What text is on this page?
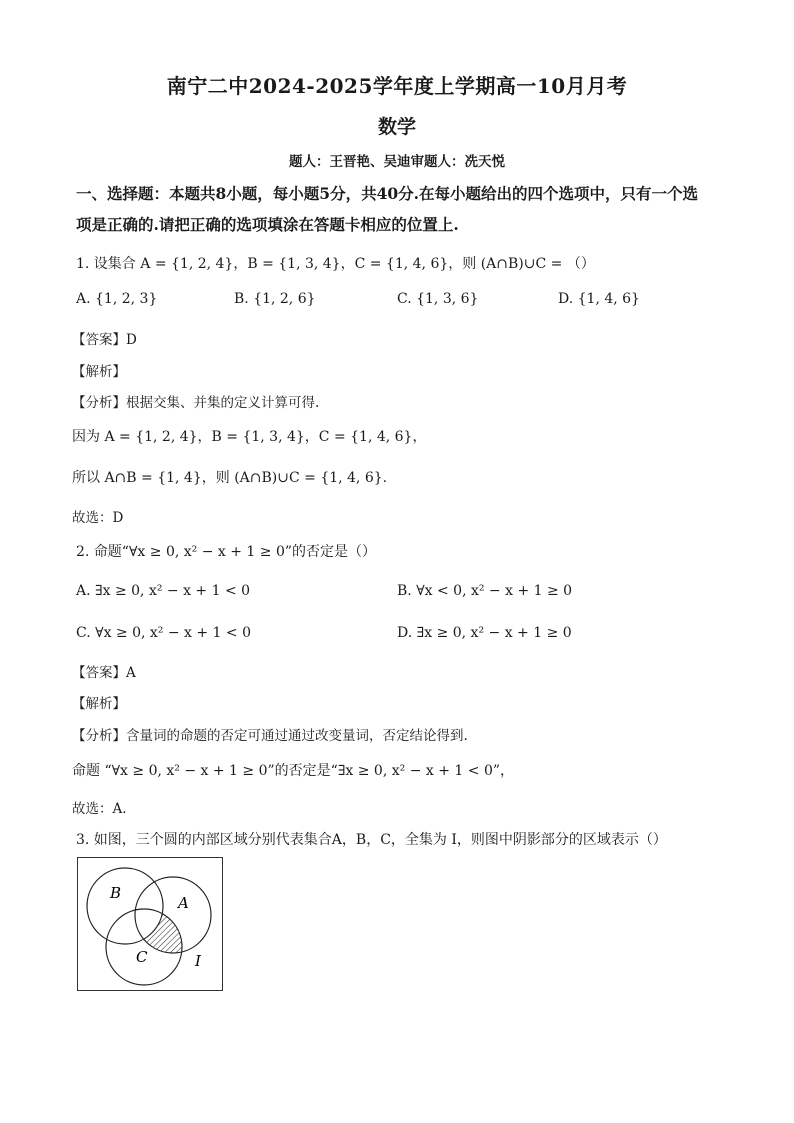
南宁二中2024-2025学年度上学期高一10月月考
数学
题人：王晋艳、吴迪审题人：冼天悦
一、选择题：本题共8小题，每小题5分，共40分.在每小题给出的四个选项中，只有一个选
项是正确的.请把正确的选项填涂在答题卡相应的位置上.
1. 设集合 A = {1, 2, 4}，B = {1, 3, 4}，C = {1, 4, 6}，则 (A∩B)∪C = （）
A. {1, 2, 3}	B. {1, 2, 6}	C. {1, 3, 6}	D. {1, 4, 6}
【答案】D
【解析】
【分析】根据交集、并集的定义计算可得.
因为 A = {1, 2, 4}，B = {1, 3, 4}，C = {1, 4, 6}，
所以 A∩B = {1, 4}，则 (A∩B)∪C = {1, 4, 6}.
故选：D
2. 命题“∀x ≥ 0, x² − x + 1 ≥ 0”的否定是（）
A. ∃x ≥ 0, x² − x + 1 < 0	B. ∀x < 0, x² − x + 1 ≥ 0
C. ∀x ≥ 0, x² − x + 1 < 0	D. ∃x ≥ 0, x² − x + 1 ≥ 0
【答案】A
【解析】
【分析】含量词的命题的否定可通过通过改变量词，否定结论得到.
命题 “∀x ≥ 0, x² − x + 1 ≥ 0”的否定是“∃x ≥ 0, x² − x + 1 < 0”，
故选：A.
3. 如图，三个圆的内部区域分别代表集合A，B，C，全集为 I，则图中阴影部分的区域表示（）
B
A
C	I
